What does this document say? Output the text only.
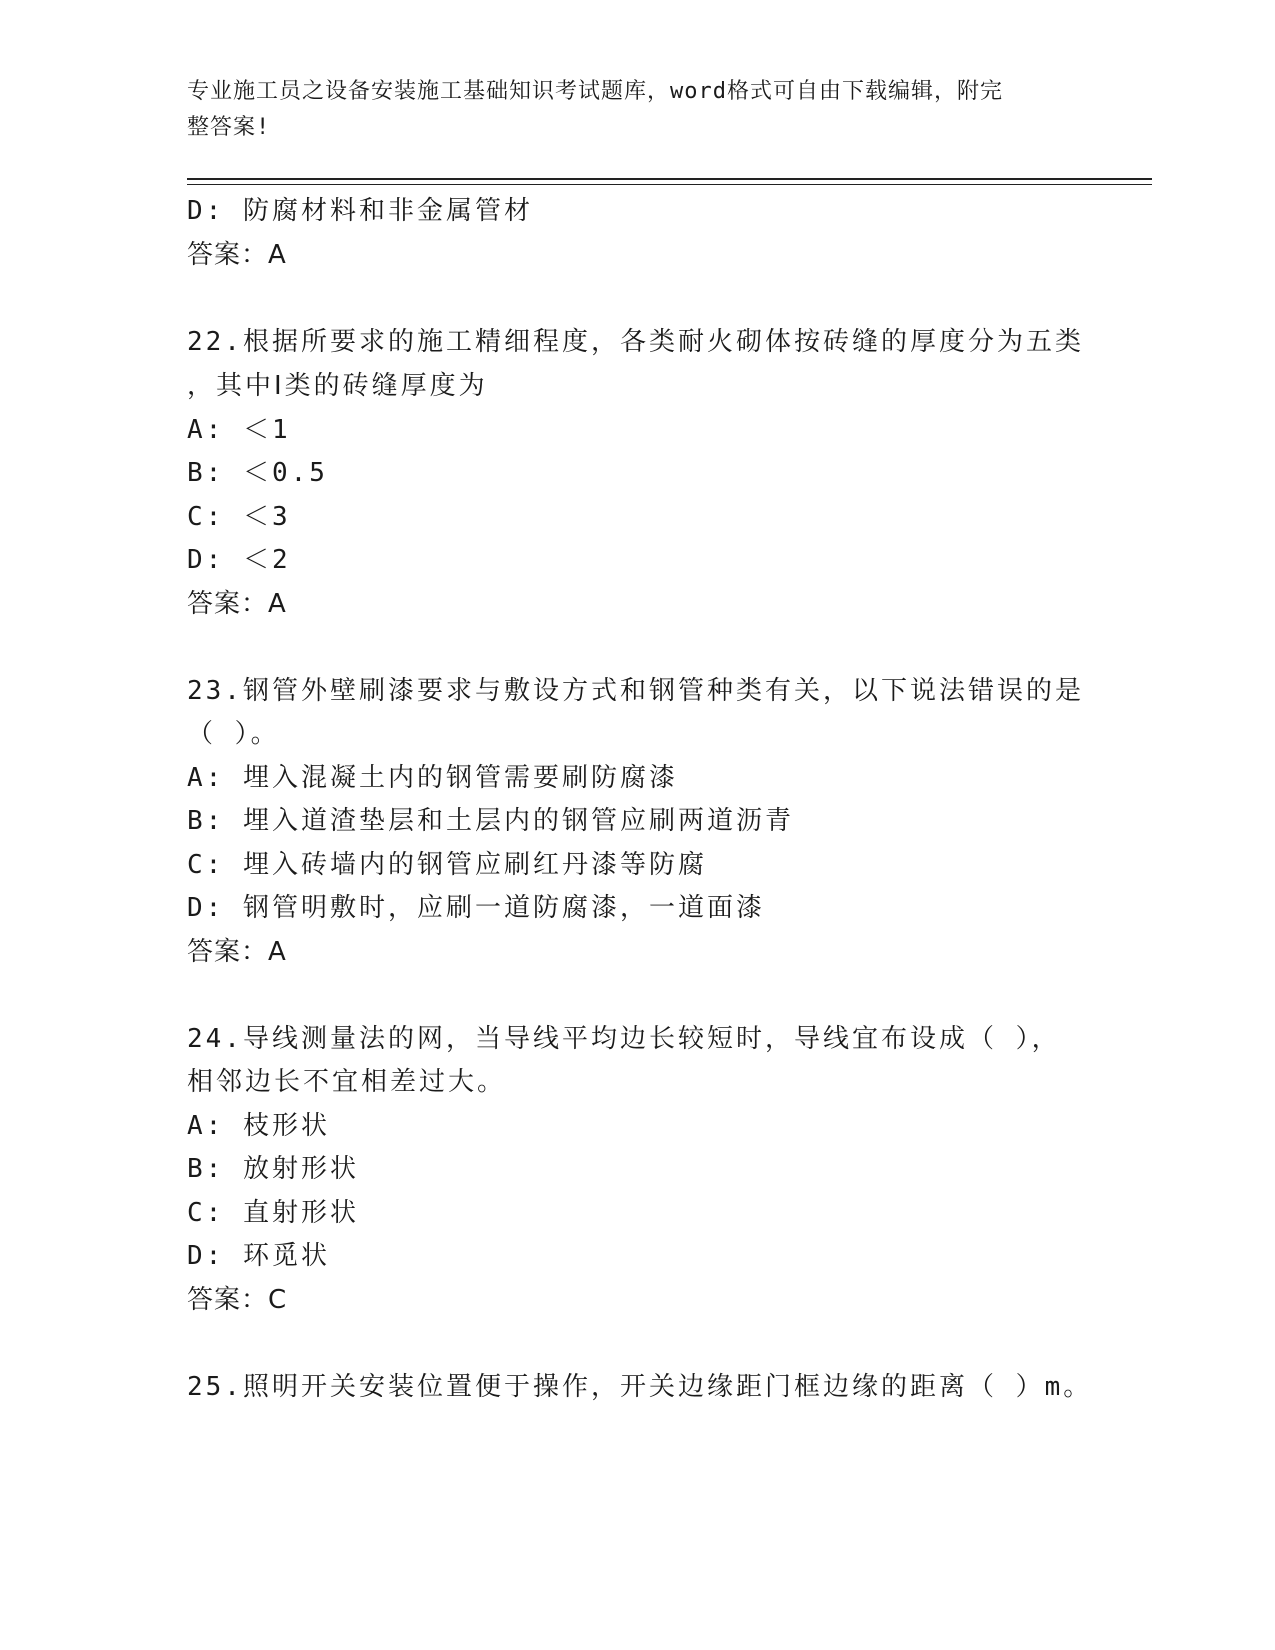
专业施工员之设备安装施工基础知识考试题库，word格式可自由下载编辑，附完
整答案!

D: 防腐材料和非金属管材

答案：A

22.根据所要求的施工精细程度，各类耐火砌体按砖缝的厚度分为五类

，其中Ⅰ类的砖缝厚度为

A: ＜1

B: ＜0.5

C: ＜3

D: ＜2

答案：A

23.钢管外壁刷漆要求与敷设方式和钢管种类有关，以下说法错误的是

（ ）。

A: 埋入混凝土内的钢管需要刷防腐漆

B: 埋入道渣垫层和土层内的钢管应刷两道沥青

C: 埋入砖墙内的钢管应刷红丹漆等防腐

D: 钢管明敷时，应刷一道防腐漆，一道面漆

答案：A

24.导线测量法的网，当导线平均边长较短时，导线宜布设成（ ），

相邻边长不宜相差过大。

A: 枝形状

B: 放射形状

C: 直射形状

D: 环觅状

答案：C

25.照明开关安装位置便于操作，开关边缘距门框边缘的距离（ ）m。
